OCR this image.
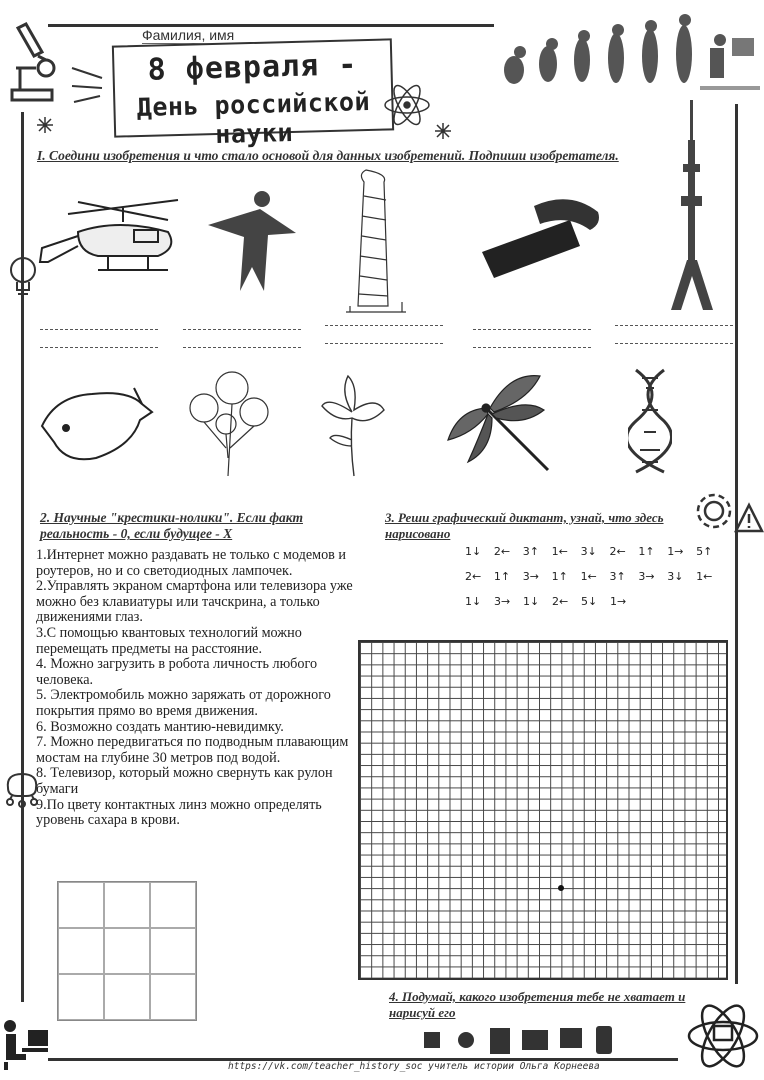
Фамилия, имя
8 февраля -
День российской науки
I. Соедини изобретения и что стало основой для данных изобретений. Подпиши изобретателя.
2. Научные "крестики-нолики". Если факт реальность - 0, если будущее - Х
1.Интернет можно раздавать не только с модемов и роутеров, но и со светодиодных лампочек.
2.Управлять экраном смартфона или телевизора уже можно без клавиатуры или тачскрина, а только движениями глаз.
3.С помощью квантовых технологий можно перемещать предметы на расстояние.
4. Можно загрузить в робота личность любого человека.
5. Электромобиль можно заряжать от дорожного покрытия прямо во время движения.
6. Возможно создать мантию-невидимку.
7. Можно передвигаться по подводным плавающим мостам на глубине 30 метров под водой.
8. Телевизор, который можно свернуть как рулон бумаги
9.По цвету контактных линз можно определять уровень сахара в крови.
3. Реши графический диктант, узнай, что здесь нарисовано
1↓	2←	3↑	1←	3↓	2←	1↑	1→	5↑
2←	1↑	3→	1↑	1←	3↑	3→	3↓	1←
1↓	3→	1↓	2←	5↓	1→
4. Подумай, какого изобретения тебе не хватает и нарисуй его
https://vk.com/teacher_history_soc учитель истории Ольга Корнеева
